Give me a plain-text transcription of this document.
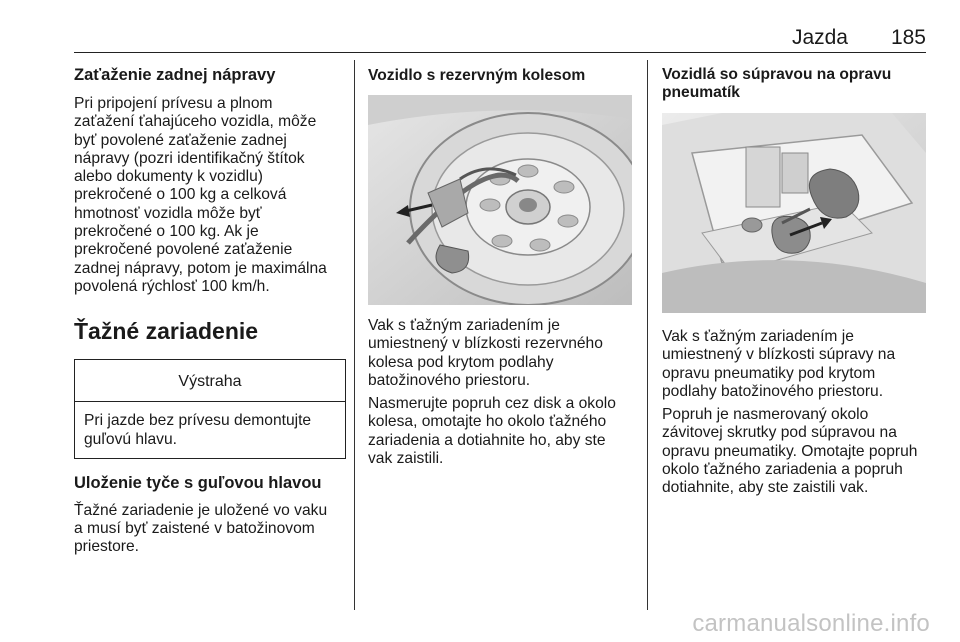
Jazda 185
Zaťaženie zadnej nápravy

Pri pripojení prívesu a plnom
zaťažení ťahajúceho vozidla, môže
byť povolené zaťaženie zadnej
nápravy (pozri identifikačný štítok
alebo dokumenty k vozidlu)
prekročené o 100 kg a celková
hmotnosť vozidla môže byť
prekročené o 100 kg. Ak je
prekročené povolené zaťaženie
zadnej nápravy, potom je maximálna
povolená rýchlosť 100 km/h.

Ťažné zariadenie
Výstraha
Pri jazde bez prívesu demontujte
guľovú hlavu.
Uloženie tyče s guľovou hlavou

Ťažné zariadenie je uložené vo vaku
a musí byť zaistené v batožinovom
priestore.

Vozidlo s rezervným kolesom

Vak s ťažným zariadením je
umiestnený v blízkosti rezervného
kolesa pod krytom podlahy
batožinového priestoru.

Nasmerujte popruh cez disk a okolo
kolesa, omotajte ho okolo ťažného
zariadenia a dotiahnite ho, aby ste
vak zaistili.

Vozidlá so súpravou na opravu
pneumatík

Vak s ťažným zariadením je
umiestnený v blízkosti súpravy na
opravu pneumatiky pod krytom
podlahy batožinového priestoru.

Popruh je nasmerovaný okolo
závitovej skrutky pod súpravou na
opravu pneumatiky. Omotajte popruh
okolo ťažného zariadenia a popruh
dotiahnite, aby ste zaistili vak.

carmanualsonline.info
